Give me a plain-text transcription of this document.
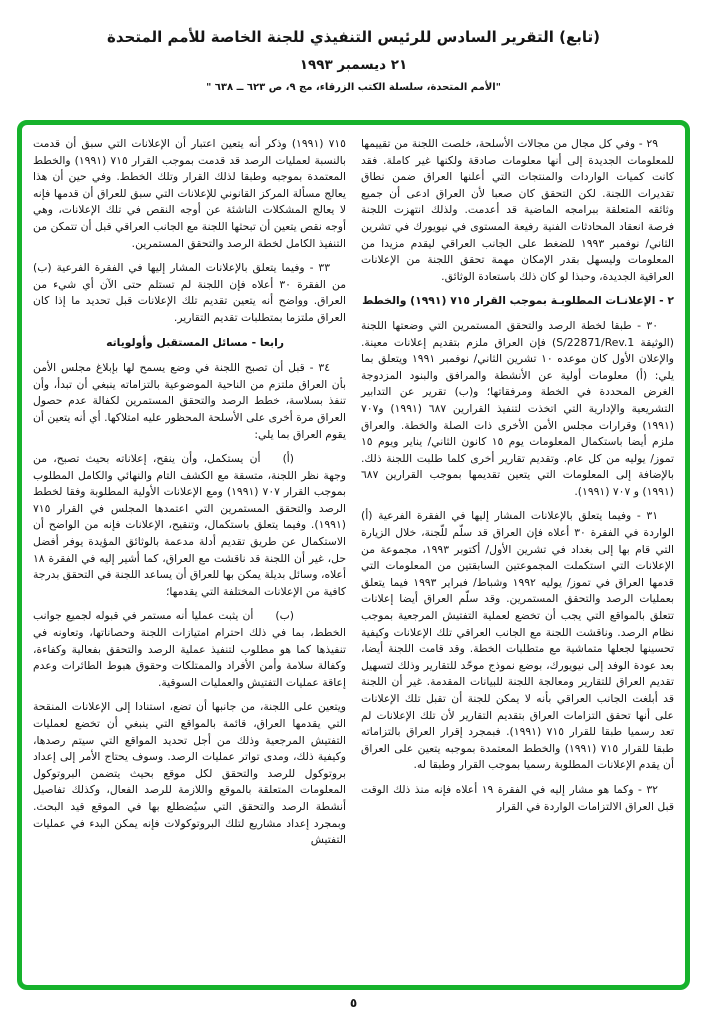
(تابع) التقرير السادس للرئيس التنفيذي للجنة الخاصة للأمم المتحدة
٢١ ديسمبر ١٩٩٣
"الأمم المتحدة، سلسلة الكتب الزرقاء، مج ٩، ص ٦٢٣ ــ ٦٣٨ "

٢٩ - وفي كل مجال من مجالات الأسلحة، خلصت اللجنة من تقييمها للمعلومات الجديدة إلى أنها معلومات صادقة ولكنها غير كاملة. فقد كانت كميات الواردات والمنتجات التي أعلنها العراق ضمن نطاق تقديرات اللجنة. لكن التحقق كان صعبا لأن العراق ادعى أن جميع وثائقه المتعلقة ببرامجه الماضية قد أعدمت. ولذلك انتهزت اللجنة فرصة انعقاد المحادثات الفنية رفيعة المستوى في نيويورك في تشرين الثاني/ نوفمبر ١٩٩٣ للضغط على الجانب العراقي ليقدم مزيدا من المعلومات وليسهل بقدر الإمكان مهمة تحقق اللجنة من الإعلانات العراقية الجديدة، وحبذا لو كان ذلك باستعادة الوثائق.

٢ - الإعلانـات المطلوبـة بموجب القرار ٧١٥ (١٩٩١) والخطط

٣٠ - طبقا لخطة الرصد والتحقق المستمرين التي وضعتها اللجنة (الوثيقة S/22871/Rev.1) فإن العراق ملزم بتقديم إعلانات معينة. والإعلان الأول كان موعده ١٠ تشرين الثاني/ نوفمبر ١٩٩١ ويتعلق بما يلي: (أ) معلومات أولية عن الأنشطة والمرافق والبنود المزدوجة الغرض المحددة في الخطة ومرفقاتها؛ و(ب) تقرير عن التدابير التشريعية والإدارية التي اتخذت لتنفيذ القرارين ٦٨٧ (١٩٩١) و٧٠٧ (١٩٩١) وقرارات مجلس الأمن الأخرى ذات الصلة والخطة. والعراق ملزم أيضا باستكمال المعلومات يوم ١٥ كانون الثاني/ يناير ويوم ١٥ تموز/ يوليه من كل عام. وتقديم تقارير أخرى كلما طلبت اللجنة ذلك. بالإضافة إلى المعلومات التي يتعين تقديمها بموجب القرارين ٦٨٧ (١٩٩١) و ٧٠٧ (١٩٩١).

٣١ - وفيما يتعلق بالإعلانات المشار إليها في الفقرة الفرعية (أ) الواردة في الفقرة ٣٠ أعلاه فإن العراق قد سلّم للّجنة، خلال الزيارة التي قام بها إلى بغداد في تشرين الأول/ أكتوبر ١٩٩٣، مجموعة من الإعلانات التي استكملت المجموعتين السابقتين من المعلومات التي قدمها العراق في تموز/ يوليه ١٩٩٢ وشباط/ فبراير ١٩٩٣ فيما يتعلق بعمليات الرصد والتحقق المستمرين. وقد سلّم العراق أيضا إعلانات تتعلق بالمواقع التي يجب أن تخضع لعملية التفتيش المرجعية بموجب نظام الرصد. وناقشت اللجنة مع الجانب العراقي تلك الإعلانات وكيفية تحسينها لجعلها متماشية مع متطلبات الخطة. وقد قامت اللجنة أيضا، بعد عودة الوفد إلى نيويورك، بوضع نموذج موحّد للتقارير وذلك لتسهيل تقديم العراق للتقارير ومعالجة اللجنة للبيانات المقدمة. غير أن اللجنة قد أبلغت الجانب العراقي بأنه لا يمكن للجنة أن تقبل تلك الإعلانات على أنها تحقق التزامات العراق بتقديم التقارير لأن تلك الإعلانات لم تعد رسميا طبقا للقرار ٧١٥ (١٩٩١). فبمجرد إقرار العراق بالتزاماته طبقا للقرار ٧١٥ (١٩٩١) والخطط المعتمدة بموجبه يتعين على العراق أن يقدم الإعلانات المطلوبة رسميا بموجب القرار وطبقا له.

٣٢ - وكما هو مشار إليه في الفقرة ١٩ أعلاه فإنه منذ ذلك الوقت قبل العراق الالتزامات الواردة في القرار

٧١٥ (١٩٩١) وذكر أنه يتعين اعتبار أن الإعلانات التي سبق أن قدمت بالنسبة لعمليات الرصد قد قدمت بموجب القرار ٧١٥ (١٩٩١) والخطط المعتمدة بموجبه وطبقا لذلك القرار وتلك الخطط. وفي حين أن هذا يعالج مسألة المركز القانوني للإعلانات التي سبق للعراق أن قدمها فإنه لا يعالج المشكلات الناشئة عن أوجه النقص في تلك الإعلانات، وهي أوجه نقص يتعين أن تبحثها اللجنة مع الجانب العراقي قبل أن تتمكن من التنفيذ الكامل لخطة الرصد والتحقق المستمرين.

٣٣ - وفيما يتعلق بالإعلانات المشار إليها في الفقرة الفرعية (ب) من الفقرة ٣٠ أعلاه فإن اللجنة لم تستلم حتى الآن أي شيء من العراق. وواضح أنه يتعين تقديم تلك الإعلانات قبل تحديد ما إذا كان العراق ملتزما بمتطلبات تقديم التقارير.

رابعا - مسائل المستقبل وأولوياته

٣٤ - قبل أن تصبح اللجنة في وضع يسمح لها بإبلاغ مجلس الأمن بأن العراق ملتزم من الناحية الموضوعية بالتزاماته ينبغي أن تبدأ، وأن تنفذ بسلاسة، خطط الرصد والتحقق المستمرين لكفالة عدم حصول العراق مرة أخرى على الأسلحة المحظور عليه امتلاكها. أي أنه يتعين أن يقوم العراق بما يلي:

(أ)أن يستكمل، وأن ينقح، إعلاناته بحيث تصبح، من وجهة نظر اللجنة، متسقة مع الكشف التام والنهائي والكامل المطلوب بموجب القرار ٧٠٧ (١٩٩١) ومع الإعلانات الأولية المطلوبة وفقا لخطط الرصد والتحقق المستمرين التي اعتمدها المجلس في القرار ٧١٥ (١٩٩١). وفيما يتعلق باستكمال، وتنقيح، الإعلانات فإنه من الواضح أن الاستكمال عن طريق تقديم أدلة مدعمة بالوثائق المؤيدة يوفر أفضل حل، غير أن اللجنة قد ناقشت مع العراق، كما أشير إليه في الفقرة ١٨ أعلاه، وسائل بديلة يمكن بها للعراق أن يساعد اللجنة في التحقق بدرجة كافية من الإعلانات المختلفة التي يقدمها؛

(ب)أن يثبت عمليا أنه مستمر في قبوله لجميع جوانب الخطط، بما في ذلك احترام امتيازات اللجنة وحصاناتها، وتعاونه في تنفيذها كما هو مطلوب لتنفيذ عملية الرصد والتحقق بفعالية وكفاءة، وكفالة سلامة وأمن الأفراد والممتلكات وحقوق هبوط الطائرات وعدم إعاقة عمليات التفتيش والعمليات السوقية.

ويتعين على اللجنة، من جانبها أن تضع، استنادا إلى الإعلانات المنقحة التي يقدمها العراق، قائمة بالمواقع التي ينبغي أن تخضع لعمليات التفتيش المرجعية وذلك من أجل تحديد المواقع التي سيتم رصدها، وكيفية ذلك، ومدى تواتر عمليات الرصد. وسوف يحتاج الأمر إلى إعداد بروتوكول للرصد والتحقق لكل موقع بحيث يتضمن البروتوكول المعلومات المتعلقة بالموقع واللازمة للرصد الفعال، وكذلك تفاصيل أنشطة الرصد والتحقق التي سيُضطلع بها في الموقع قيد البحث. وبمجرد إعداد مشاريع لتلك البروتوكولات فإنه يمكن البدء في عمليات التفتيش

٥
